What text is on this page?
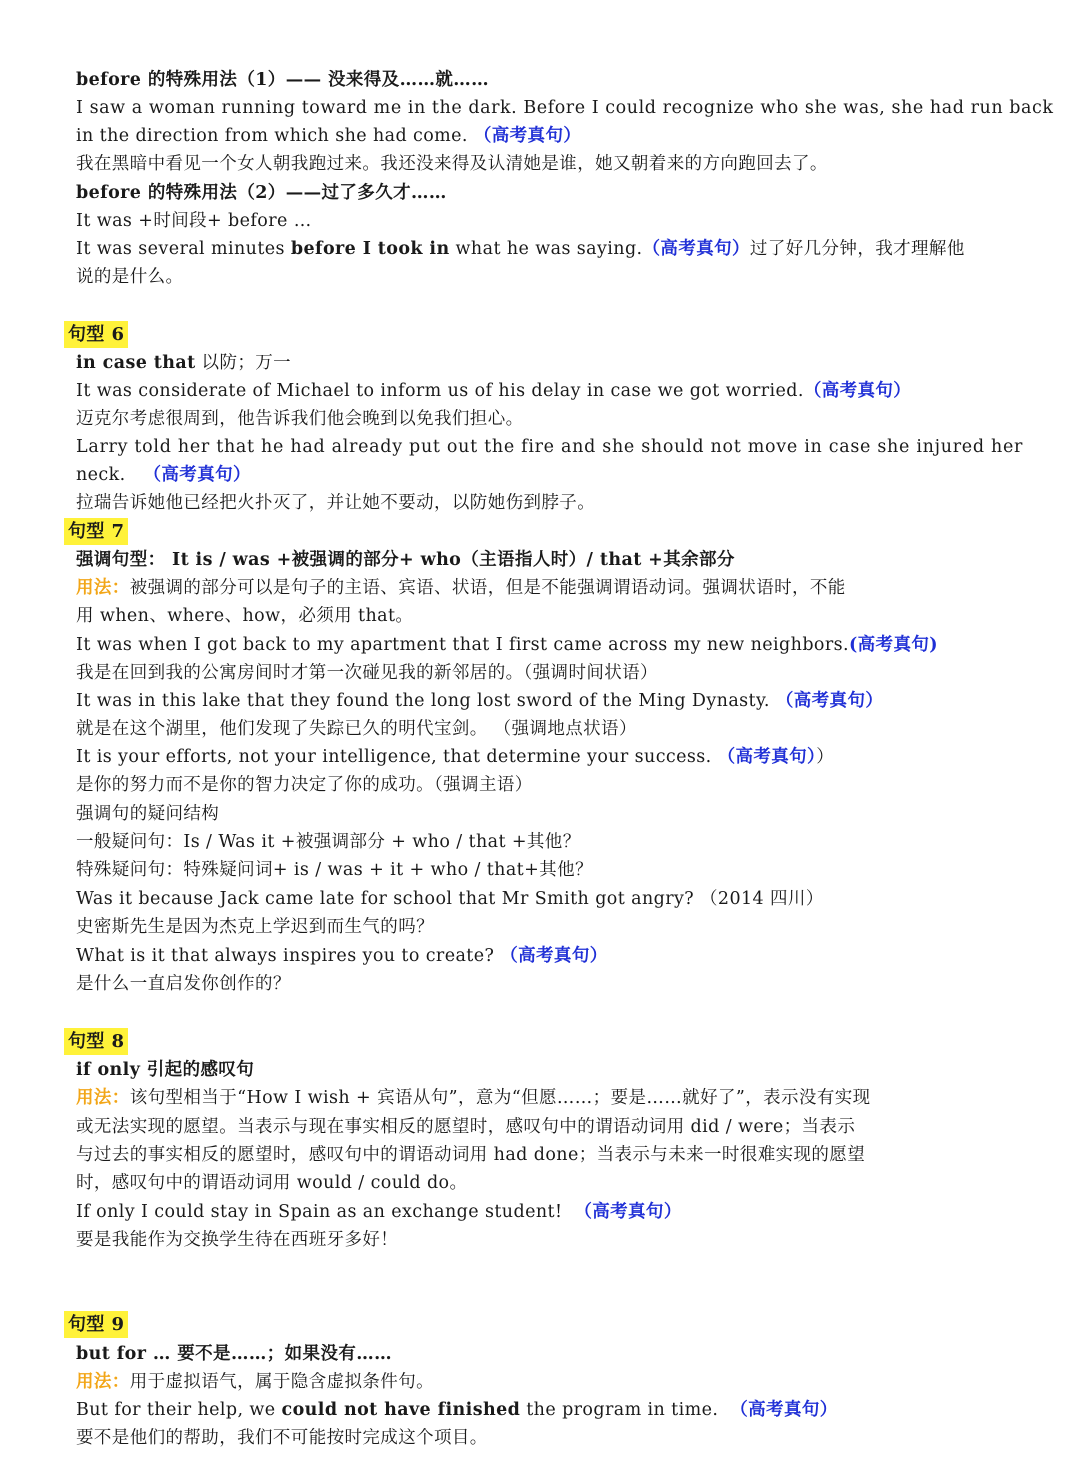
before 的特殊用法（1）—— 没来得及……就……
I saw a woman running toward me in the dark. Before I could recognize who she was, she had run back
in the direction from which she had come. （高考真句）
我在黑暗中看见一个女人朝我跑过来。我还没来得及认清她是谁，她又朝着来的方向跑回去了。
before 的特殊用法（2）——过了多久才……
It was +时间段+ before …
It was several minutes before I took in what he was saying.（高考真句）过了好几分钟，我才理解他
说的是什么。
句型 6
in case that 以防；万一
It was considerate of Michael to inform us of his delay in case we got worried.（高考真句）
迈克尔考虑很周到，他告诉我们他会晚到以免我们担心。
Larry told her that he had already put out the fire and she should not move in case she injured her
neck. （高考真句）
拉瑞告诉她他已经把火扑灭了，并让她不要动，以防她伤到脖子。
句型 7
强调句型： It is / was +被强调的部分+ who（主语指人时）/ that +其余部分
用法：被强调的部分可以是句子的主语、宾语、状语，但是不能强调谓语动词。强调状语时，不能
用 when、where、how，必须用 that。
It was when I got back to my apartment that I first came across my new neighbors.(高考真句)
我是在回到我的公寓房间时才第一次碰见我的新邻居的。（强调时间状语）
It was in this lake that they found the long lost sword of the Ming Dynasty. （高考真句）
就是在这个湖里，他们发现了失踪已久的明代宝剑。 （强调地点状语）
It is your efforts, not your intelligence, that determine your success. （高考真句））
是你的努力而不是你的智力决定了你的成功。（强调主语）
强调句的疑问结构
一般疑问句：Is / Was it +被强调部分 + who / that +其他？
特殊疑问句：特殊疑问词+ is / was + it + who / that+其他？
Was it because Jack came late for school that Mr Smith got angry? （2014 四川）
史密斯先生是因为杰克上学迟到而生气的吗？
What is it that always inspires you to create? （高考真句）
是什么一直启发你创作的？
句型 8
if only 引起的感叹句
用法：该句型相当于“How I wish + 宾语从句”，意为“但愿……；要是……就好了”，表示没有实现
或无法实现的愿望。当表示与现在事实相反的愿望时，感叹句中的谓语动词用 did / were；当表示
与过去的事实相反的愿望时，感叹句中的谓语动词用 had done；当表示与未来一时很难实现的愿望
时，感叹句中的谓语动词用 would / could do。
If only I could stay in Spain as an exchange student! （高考真句）
要是我能作为交换学生待在西班牙多好！
句型 9
but for … 要不是……；如果没有……
用法：用于虚拟语气，属于隐含虚拟条件句。
But for their help, we could not have finished the program in time. （高考真句）
要不是他们的帮助，我们不可能按时完成这个项目。
